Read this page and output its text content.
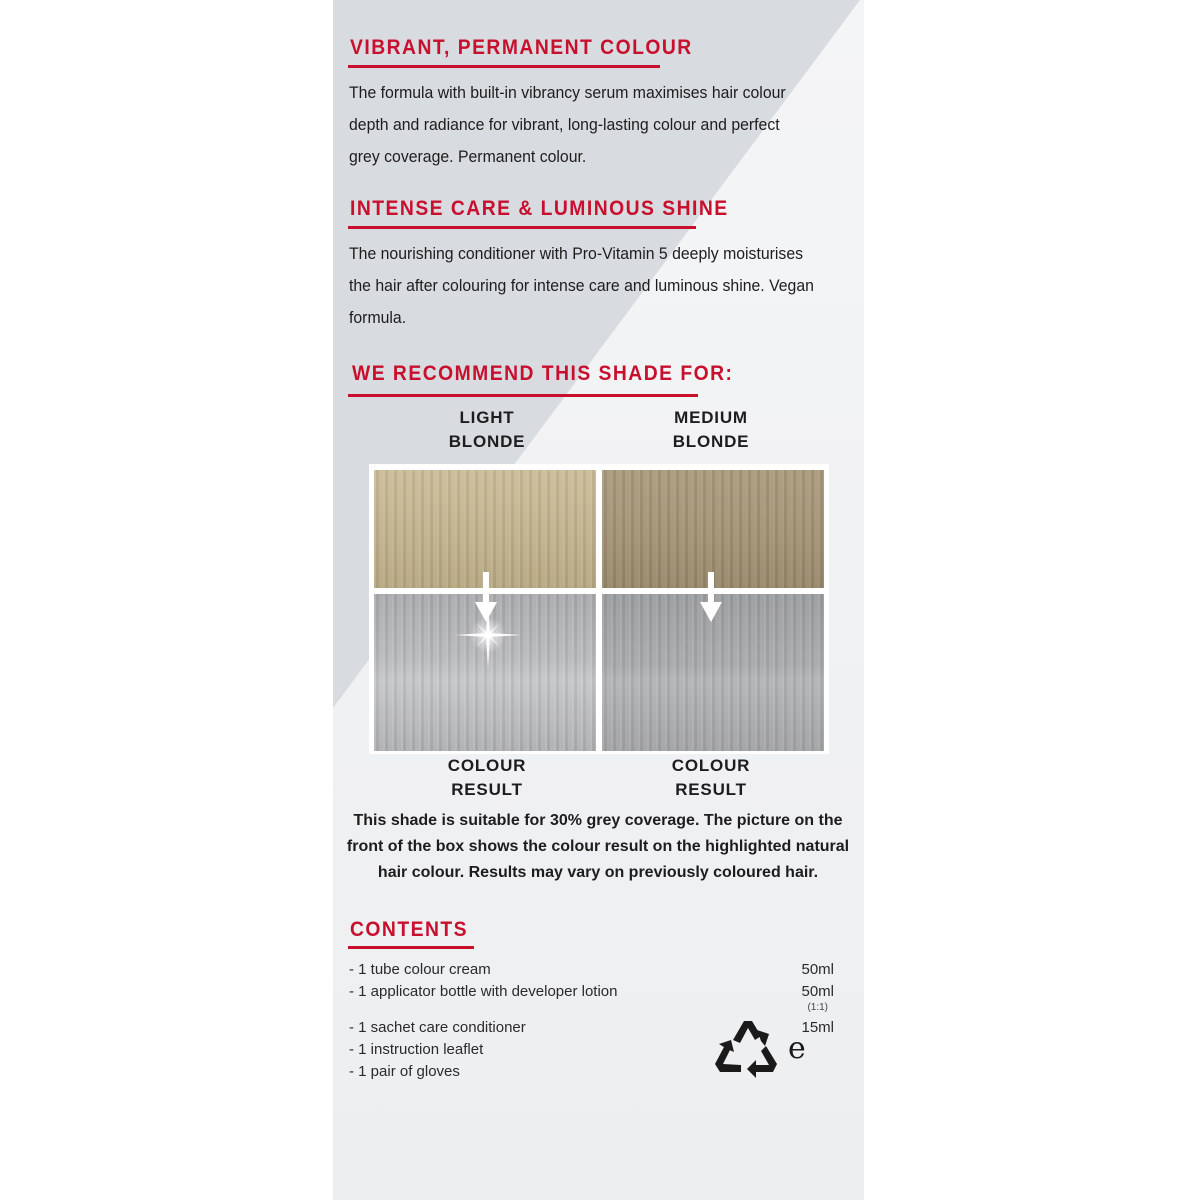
VIBRANT, PERMANENT COLOUR

The formula with built-in vibrancy serum maximises hair colour depth and radiance for vibrant, long-lasting colour and perfect grey coverage. Permanent colour.

INTENSE CARE & LUMINOUS SHINE

The nourishing conditioner with Pro-Vitamin 5 deeply moisturises the hair after colouring for intense care and luminous shine. Vegan formula.

WE RECOMMEND THIS SHADE FOR:
LIGHT
BLONDE
MEDIUM
BLONDE
COLOUR
RESULT
COLOUR
RESULT

This shade is suitable for 30% grey coverage. The picture on the front of the box shows the colour result on the highlighted natural hair colour. Results may vary on previously coloured hair.

CONTENTS
- 1 tube colour cream	50ml
- 1 applicator bottle with developer lotion	50ml
(1:1)
- 1 sachet care conditioner	15ml
- 1 instruction leaflet
- 1 pair of gloves
e
